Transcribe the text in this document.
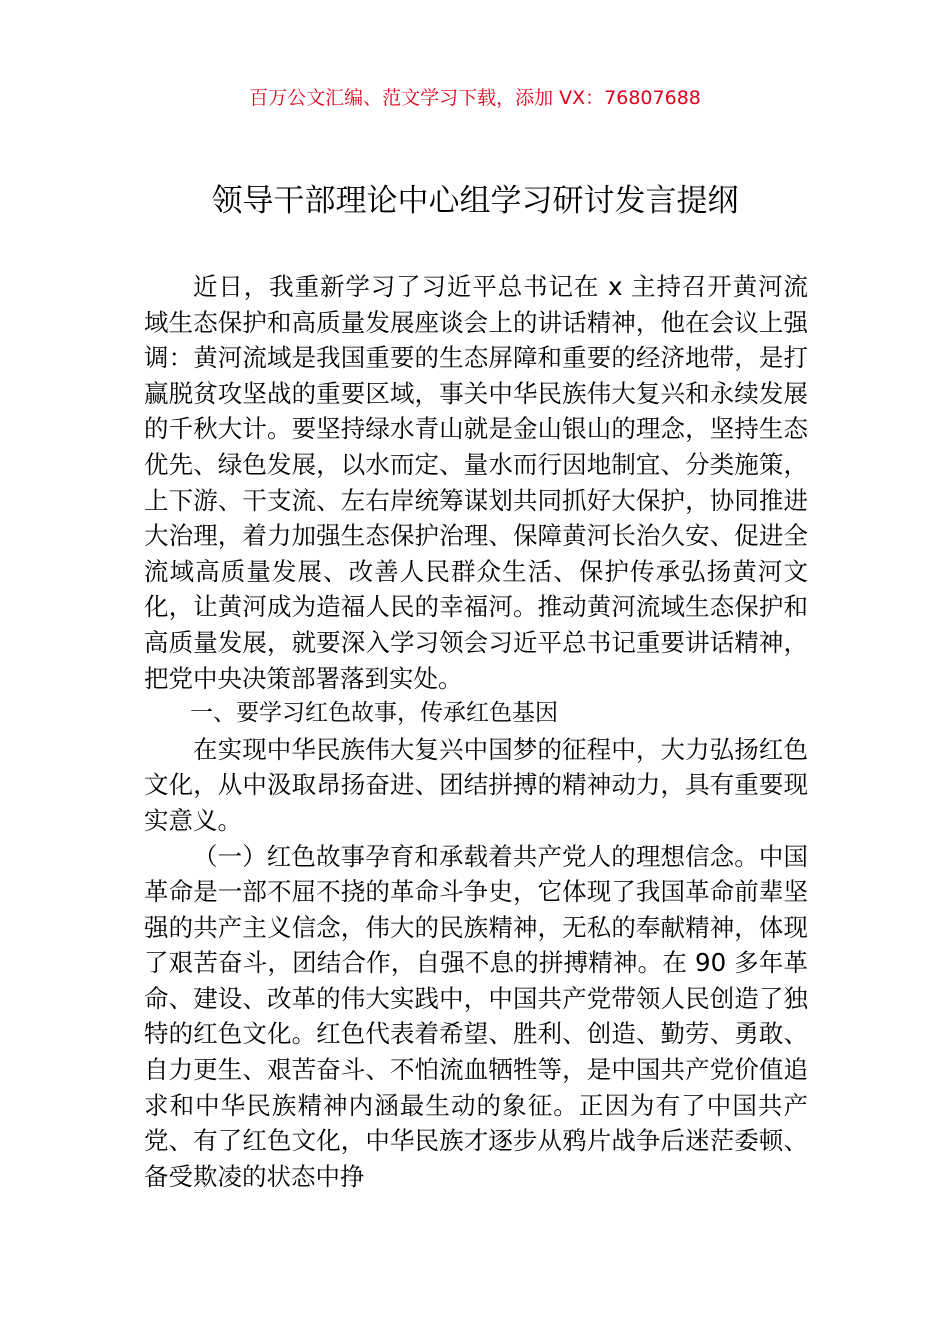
百万公文汇编、范文学习下载，添加 VX：76807688
领导干部理论中心组学习研讨发言提纲

近日，我重新学习了习近平总书记在 x 主持召开黄河流域生态保护和高质量发展座谈会上的讲话精神，他在会议上强调：黄河流域是我国重要的生态屏障和重要的经济地带，是打赢脱贫攻坚战的重要区域，事关中华民族伟大复兴和永续发展的千秋大计。要坚持绿水青山就是金山银山的理念，坚持生态优先、绿色发展，以水而定、量水而行因地制宜、分类施策，上下游、干支流、左右岸统筹谋划共同抓好大保护，协同推进大治理，着力加强生态保护治理、保障黄河长治久安、促进全流域高质量发展、改善人民群众生活、保护传承弘扬黄河文化，让黄河成为造福人民的幸福河。推动黄河流域生态保护和高质量发展，就要深入学习领会习近平总书记重要讲话精神，把党中央决策部署落到实处。

一、要学习红色故事，传承红色基因

在实现中华民族伟大复兴中国梦的征程中，大力弘扬红色文化，从中汲取昂扬奋进、团结拼搏的精神动力，具有重要现实意义。

（一）红色故事孕育和承载着共产党人的理想信念。中国革命是一部不屈不挠的革命斗争史，它体现了我国革命前辈坚强的共产主义信念，伟大的民族精神，无私的奉献精神，体现了艰苦奋斗，团结合作，自强不息的拼搏精神。在 90 多年革命、建设、改革的伟大实践中，中国共产党带领人民创造了独特的红色文化。红色代表着希望、胜利、创造、勤劳、勇敢、自力更生、艰苦奋斗、不怕流血牺牲等，是中国共产党价值追求和中华民族精神内涵最生动的象征。正因为有了中国共产党、有了红色文化，中华民族才逐步从鸦片战争后迷茫委顿、备受欺凌的状态中挣
